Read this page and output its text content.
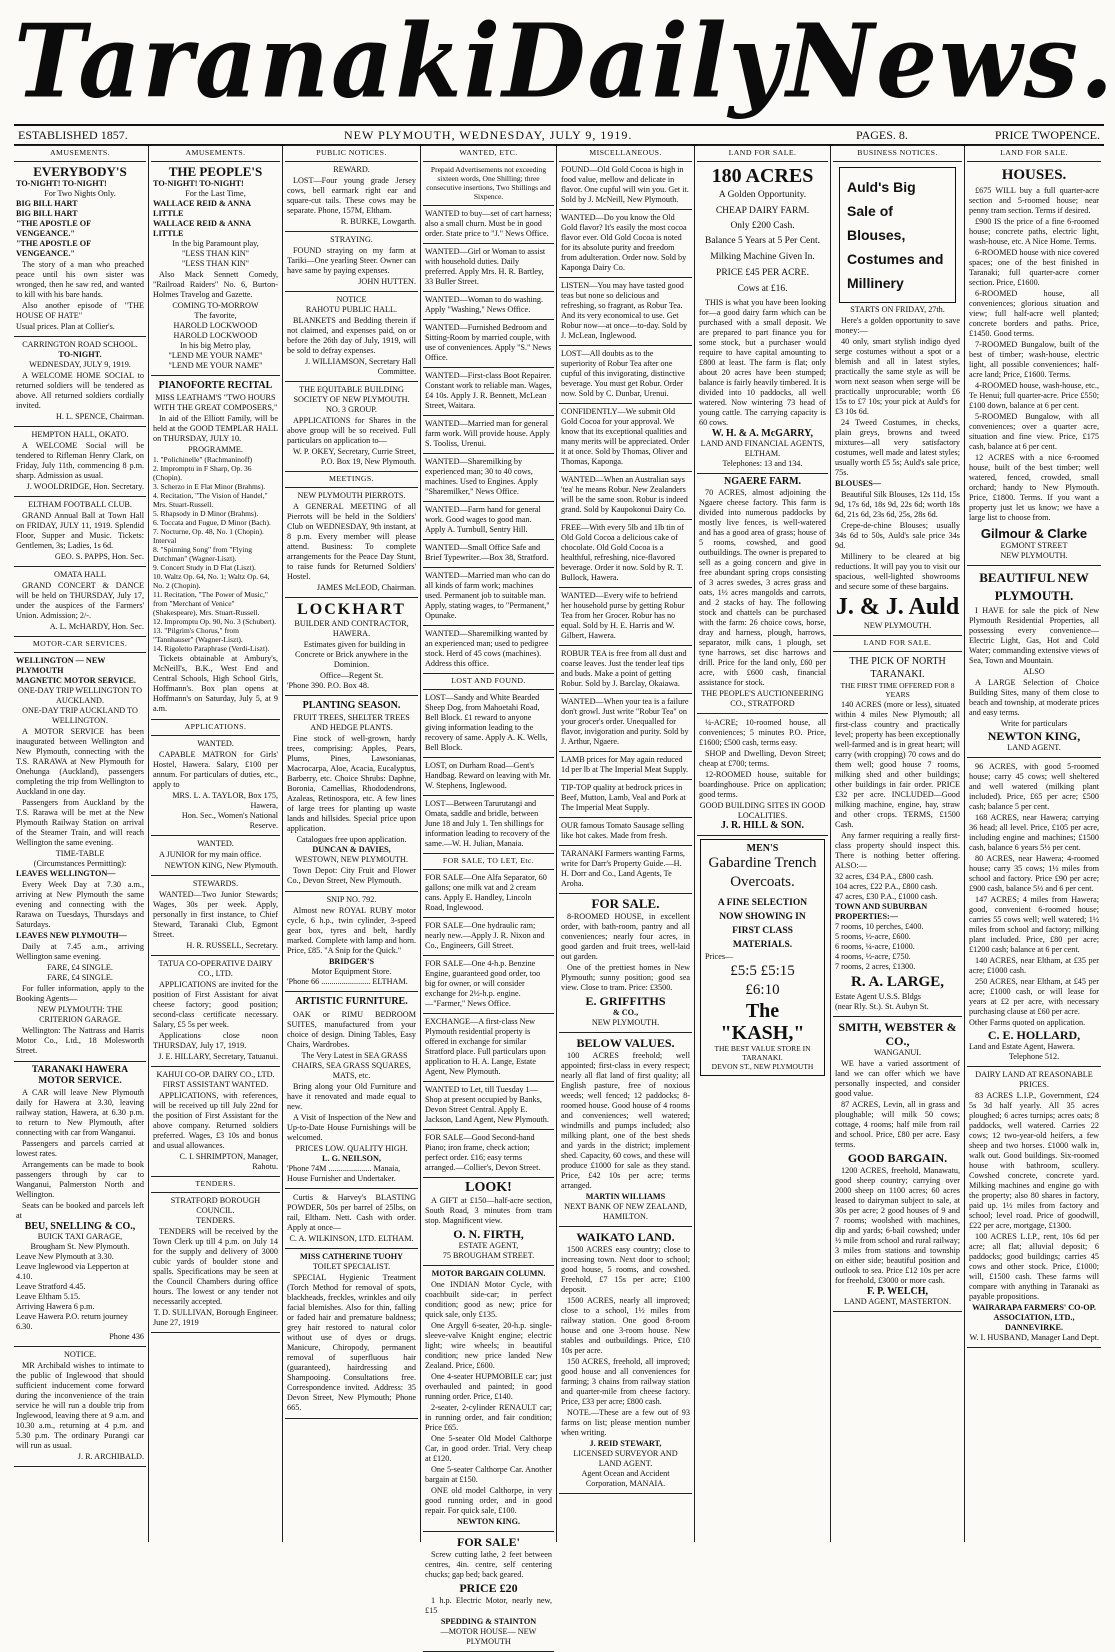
Taranaki Daily News.
ESTABLISHED 1857.	NEW PLYMOUTH, WEDNESDAY, JULY 9, 1919.	PAGES. 8.	PRICE TWOPENCE.
AMUSEMENTS.
EVERYBODY'S
TO-NIGHT! TO-NIGHT!
For Two Nights Only.
BIG BILL HART
BIG BILL HART
"THE APOSTLE OF VENGEANCE."
"THE APOSTLE OF VENGEANCE."

The story of a man who preached peace until his own sister was wronged, then he saw red, and wanted to kill with his bare hands.

Also another episode of "THE HOUSE OF HATE"

Usual prices. Plan at Collier's.
CARRINGTON ROAD SCHOOL.
TO-NIGHT.
WEDNESDAY, JULY 9, 1919.

A WELCOME HOME SOCIAL to returned soldiers will be tendered as above. All returned soldiers cordially invited.

H. L. SPENCE, Chairman.
HEMPTON HALL, OKATO.

A WELCOME Social will be tendered to Rifleman Henry Clark, on Friday, July 11th, commencing 8 p.m. sharp. Admission as usual.

J. WOOLDRIDGE, Hon. Secretary.
ELTHAM FOOTBALL CLUB.

GRAND Annual Ball at Town Hall on FRIDAY, JULY 11, 1919. Splendid Floor, Supper and Music. Tickets: Gentlemen, 3s; Ladies, 1s 6d.

GEO. S. PAPPS, Hon. Sec.
OMATA HALL

GRAND CONCERT & DANCE will be held on THURSDAY, July 17, under the auspices of the Farmers' Union. Admission; 2/-.

A. L. McHARDY, Hon. Sec.
MOTOR-CAR SERVICES.
WELLINGTON — NEW PLYMOUTH
MAGNETIC MOTOR SERVICE.
ONE-DAY TRIP WELLINGTON TO AUCKLAND.
ONE-DAY TRIP AUCKLAND TO WELLINGTON.

A MOTOR SERVICE has been inaugurated between Wellington and New Plymouth, connecting with the T.S. RARAWA at New Plymouth for Onehunga (Auckland), passengers completing the trip from Wellington to Auckland in one day.

Passengers from Auckland by the T.S. Rarawa will be met at the New Plymouth Railway Station on arrival of the Steamer Train, and will reach Wellington the same evening.

TIME-TABLE
(Circumstances Permitting):
LEAVES WELLINGTON—

Every Week Day at 7.30 a.m., arriving at New Plymouth the same evening and connecting with the Rarawa on Tuesdays, Thursdays and Saturdays.

LEAVES NEW PLYMOUTH—

Daily at 7.45 a.m., arriving Wellington same evening.

FARE, £4 SINGLE.
FARE, £4 SINGLE.

For fuller information, apply to the Booking Agents—

NEW PLYMOUTH: THE CRITERION GARAGE.

Wellington: The Nattrass and Harris Motor Co., Ltd., 18 Molesworth Street.

TARANAKI HAWERA MOTOR SERVICE.

A CAR will leave New Plymouth daily for Hawera at 3.30, leaving railway station, Hawera, at 6.30 p.m. to return to New Plymouth, after connecting with car from Wanganui.

Passengers and parcels carried at lowest rates.

Arrangements can be made to book passengers through by car to Wanganui, Palmerston North and Wellington.

Seats can be booked and parcels left at

BEU, SNELLING & CO.,
BUICK TAXI GARAGE,
Brougham St. New Plymouth.
Leave New Plymouth at 3.30.
Leave Inglewood via Lepperton at 4.10.
Leave Stratford 4.45.
Leave Eltham 5.15.
Arriving Hawera 6 p.m.
Leave Hawera P.O. return journey 6.30.
Phone 436
NOTICE.

MR Archibald wishes to intimate to the public of Inglewood that should sufficient inducement come forward during the inconvenience of the train service he will run a double trip from Inglewood, leaving there at 9 a.m. and 10.30 a.m., returning at 4 p.m. and 5.30 p.m. The ordinary Purangi car will run as usual.

J. R. ARCHIBALD.
AMUSEMENTS.
THE PEOPLE'S
TO-NIGHT! TO-NIGHT!
For the Last Time,
WALLACE REID & ANNA LITTLE
WALLACE REID & ANNA LITTLE
In the big Paramount play,
"LESS THAN KIN"
"LESS THAN KIN"

Also Mack Sennett Comedy, "Railroad Raiders" No. 6, Burton-Holmes Travelog and Gazette.

COMING TO-MORROW
The favorite,
HAROLD LOCKWOOD
HAROLD LOCKWOOD
In his big Metro play,
"LEND ME YOUR NAME"
"LEND ME YOUR NAME"
PIANOFORTE RECITAL
MISS LEATHAM'S "TWO HOURS WITH THE GREAT COMPOSERS,"

In aid of the Elliott Family, will be held at the GOOD TEMPLAR HALL on THURSDAY, JULY 10.

PROGRAMME.
1. "Polichinelle" (Rachmaninoff)
2. Impromptu in F Sharp, Op. 36 (Chopin).
3. Scherzo in E Flat Minor (Brahms).
4. Recitation, "The Vision of Handel," Mrs. Stuart-Russell.
5. Rhapsody in D Minor (Brahms).
6. Toccata and Fugue, D Minor (Bach).
7. Nocturne, Op. 48, No. 1 (Chopin). Interval
8. "Spinning Song" from "Flying Dutchman" (Wagner-Liszt).
9. Concert Study in D Flat (Liszt).
10. Waltz Op. 64, No. 1; Waltz Op. 64, No. 2 (Chopin).
11. Recitation, "The Power of Music," from "Merchant of Venice" (Shakespeare), Mrs. Stuart-Russell.
12. Impromptu Op. 90, No. 3 (Schubert).
13. "Pilgrim's Chorus," from "Tannhauser" (Wagner-Liszt).
14. Rigoletto Paraphrase (Verdi-Liszt).

Tickets obtainable at Ambury's, McNeill's, B.K., West End and Central Schools, High School Girls, Hoffmann's. Box plan opens at Hoffmann's on Saturday, July 5, at 9 a.m.

APPLICATIONS.
WANTED.

CAPABLE MATRON for Girls' Hostel, Hawera. Salary, £100 per annum. For particulars of duties, etc., apply to

MRS. L. A. TAYLOR, Box 175, Hawera,
Hon. Sec., Women's National Reserve.
WANTED.

A JUNIOR for my main office.

NEWTON KING, New Plymouth.
STEWARDS.

WANTED—Two Junior Stewards; Wages, 30s per week. Apply, personally in first instance, to Chief Steward, Taranaki Club, Egmont Street.

H. R. RUSSELL, Secretary.
TATUA CO-OPERATIVE DAIRY CO., LTD.

APPLICATIONS are invited for the position of First Assistant for aivat cheese factory; good position; second-class certificate necessary. Salary, £5 5s per week.

Applications close noon THURSDAY, July 17, 1919.

J. E. HILLARY, Secretary, Tatuanui.
KAHUI CO-OP. DAIRY CO., LTD.
FIRST ASSISTANT WANTED.

APPLICATIONS, with references, will be received up till July 22nd for the position of First Assistant for the above company. Returned soldiers preferred. Wages, £3 10s and bonus and usual allowances.

C. I. SHRIMPTON, Manager, Rahotu.
TENDERS.
STRATFORD BOROUGH COUNCIL.
TENDERS.

TENDERS will be received by the Town Clerk up till 4 p.m. on July 14 for the supply and delivery of 3000 cubic yards of boulder stone and spalls. Specifications may be seen at the Council Chambers during office hours. The lowest or any tender not necessarily accepted.

T. D. SULLIVAN, Borough Engineer.
June 27, 1919
PUBLIC NOTICES.
REWARD.

LOST—Four young grade Jersey cows, bell earmark right ear and square-cut tails. These cows may be separate. Phone, 157M, Eltham.

R. BURKE, Lowgarth.
STRAYING.

FOUND straying on my farm at Tariki—One yearling Steer. Owner can have same by paying expenses.

JOHN HUTTEN.
NOTICE
RAHOTU PUBLIC HALL.

BLANKETS and Bedding therein if not claimed, and expenses paid, on or before the 26th day of July, 1919, will be sold to defray expenses.

J. WILLIAMSON, Secretary Hall Committee.
THE EQUITABLE BUILDING SOCIETY OF NEW PLYMOUTH.
NO. 3 GROUP.

APPLICATIONS for Shares in the above group will be so received. Full particulars on application to—

W. P. OKEY, Secretary, Currie Street, P.O. Box 19, New Plymouth.
MEETINGS.
NEW PLYMOUTH PIERROTS.

A GENERAL MEETING of all Pierrots will be held in the Soldiers' Club on WEDNESDAY, 9th instant, at 8 p.m. Every member will please attend. Business: To complete arrangements for the Peace Day Stunt, to raise funds for Returned Soldiers' Hostel.

JAMES McLEOD, Chairman.
LOCKHART
BUILDER AND CONTRACTOR, HAWERA.

Estimates given for building in Concrete or Brick anywhere in the Dominion.

Office—Regent St.
'Phone 390. P.O. Box 48.
PLANTING SEASON.
FRUIT TREES, SHELTER TREES AND HEDGE PLANTS.

Fine stock of well-grown, hardy trees, comprising: Apples, Pears, Plums, Pines, Lawsonianas, Macrocarpa, Aloe, Acacia, Eucalyptus, Barberry, etc. Choice Shrubs: Daphne, Boronia, Camellias, Rhododendrons, Azaleas, Retinospora, etc. A few lines of large trees for planting up waste lands and hillsides. Special price upon application.

Catalogues free upon application.
DUNCAN & DAVIES,
WESTOWN, NEW PLYMOUTH.

Town Depot: City Fruit and Flower Co., Devon Street, New Plymouth.

SNIP NO. 792.

Almost new ROYAL RUBY motor cycle, 6 h.p., twin cylinder, 3-speed gear box, tyres and belt, hardly marked. Complete with lamp and horn. Price, £85. "A Snip for the Quick."

BRIDGER'S
Motor Equipment Store.
'Phone 66 ........................ ELTHAM.
ARTISTIC FURNITURE.

OAK or RIMU BEDROOM SUITES, manufactured from your choice of design. Dining Tables, Easy Chairs, Wardrobes.

The Very Latest in SEA GRASS CHAIRS, SEA GRASS SQUARES, MATS, etc.

Bring along your Old Furniture and have it renovated and made equal to new.

A Visit of Inspection of the New and Up-to-Date House Furnishings will be welcomed.

PRICES LOW. QUALITY HIGH.
L. G. NEILSON,
'Phone 74M ..................... Manaia, House Furnisher and Undertaker.

Curtis & Harvey's BLASTING POWDER, 50s per barrel of 25lbs, on rail, Eltham. Nett. Cash with order. Apply at once—

C. A. WILKINSON, LTD. ELTHAM.
MISS CATHERINE TUOHY
TOILET SPECIALIST.

SPECIAL Hygienic Treatment (Torch Method for removal of spots, blackheads, freckles, wrinkles and oily facial blemishes. Also for thin, falling or faded hair and premature baldness; grey hair restored to natural color without use of dyes or drugs. Manicure, Chiropody, permanent removal of superfluous hair (guaranteed), hairdressing and Shampooing. Consultations free. Correspondence invited. Address: 35 Devon Street, New Plymouth; Phone 665.

WANTED, ETC.
Prepaid Advertisements not exceeding sixteen words, One Shilling; three consecutive insertions, Two Shillings and Sixpence.
WANTED to buy—set of cart harness; also a small churn. Must be in good order. State price to "J." News Office.
WANTED—Girl or Woman to assist with household duties. Daily preferred. Apply Mrs. H. R. Bartley, 33 Buller Street.
WANTED—Woman to do washing. Apply "Washing," News Office.
WANTED—Furnished Bedroom and Sitting-Room by married couple, with use of conveniences. Apply "S." News Office.
WANTED—First-class Boot Repairer. Constant work to reliable man. Wages, £4 10s. Apply J. R. Bennett, McLean Street, Waitara.
WANTED—Married man for general farm work. Will provide house. Apply S. Tooliss, Urenui.
WANTED—Sharemilking by experienced man; 30 to 40 cows, machines. Used to Engines. Apply "Sharemilker," News Office.
WANTED—Farm hand for general work. Good wages to good man. Apply A. Turnbull, Sentry Hill.
WANTED—Small Office Safe and Brief Typewriter.—Box 38, Stratford.
WANTED—Married man who can do all kinds of farm work; machines used. Permanent job to suitable man. Apply, stating wages, to "Permanent," Opunake.
WANTED—Sharemilking wanted by an experienced man; used to pedigree stock. Herd of 45 cows (machines). Address this office.
LOST AND FOUND.
LOST—Sandy and White Bearded Sheep Dog, from Mahoetahi Road, Bell Block. £1 reward to anyone giving information leading to the recovery of same. Apply A. K. Wells, Bell Block.
LOST, on Durham Road—Gent's Handbag. Reward on leaving with Mr. W. Stephens, Inglewood.
LOST—Between Tarurutangi and Omata, saddle and bridle, between June 18 and July 1. Ten shillings for information leading to recovery of the same.—W. H. Julian, Manaia.
FOR SALE, TO LET, Etc.
FOR SALE—One Alfa Separator, 60 gallons; one milk vat and 2 cream cans. Apply E. Handley, Lincoln Road, Inglewood.
FOR SALE—One hydraulic ram; nearly new.—Apply J. R. Nixon and Co., Engineers, Gill Street.
FOR SALE—One 4-h.p. Benzine Engine, guaranteed good order, too big for owner, or will consider exchange for 2½-h.p. engine.—"Farmer," News Office.
EXCHANGE—A first-class New Plymouth residential property is offered in exchange for similar Stratford place. Full particulars upon application to H. A. Lange, Estate Agent, New Plymouth.
WANTED to Let, till Tuesday 1—Shop at present occupied by Banks, Devon Street Central. Apply E. Jackson, Land Agent, New Plymouth.
FOR SALE—Good Second-hand Piano; iron frame, check action; perfect order. £16; easy terms arranged.—Collier's, Devon Street.
LOOK!

A GIFT at £150—half-acre section, South Road, 3 minutes from tram stop. Magnificent view.

O. N. FIRTH,
ESTATE AGENT,
75 BROUGHAM STREET.
MOTOR BARGAIN COLUMN.

One INDIAN Motor Cycle, with coachbuilt side-car; in perfect condition; good as new; price for quick sale, only £135.

One Argyll 6-seater, 20-h.p. single-sleeve-valve Knight engine; electric light; wire wheels; in beautiful condition; new price landed New Zealand. Price, £600.

One 4-seater HUPMOBILE car; just overhauled and painted; in good running order. Price, £140.

2-seater, 2-cylinder RENAULT car; in running order, and fair condition; Price £65.

One 5-seater Old Model Calthorpe Car, in good order. Trial. Very cheap at £120.

One 5-seater Calthorpe Car. Another bargain at £150.

ONE old model Calthorpe, in very good running order, and in good repair. For quick sale, £100.

NEWTON KING.
FOR SALE'

Screw cutting lathe, 2 feet between centres, 4in. centre, self centering chucks; gap bed; back geared.

PRICE £20

1 h.p. Electric Motor, nearly new, £15

SPEDDING & STAINTON
—MOTOR HOUSE— NEW PLYMOUTH
MISCELLANEOUS.
FOUND—Old Gold Cocoa is high in food value, mellow and delicate in flavor. One cupful will win you. Get it. Sold by J. McNeill, New Plymouth.
WANTED—Do you know the Old Gold flavor? It's easily the most cocoa flavor ever. Old Gold Cocoa is noted for its absolute purity and freedom from adulteration. Order now. Sold by Kaponga Dairy Co.
LISTEN—You may have tasted good teas but none so delicious and refreshing, so fragrant, as Robur Tea. And its very economical to use. Get Robur now—at once—to-day. Sold by J. McLean, Inglewood.
LOST—All doubts as to the superiority of Robur Tea after one cupful of this invigorating, distinctive beverage. You must get Robur. Order now. Sold by C. Dunbar, Urenui.
CONFIDENTLY—We submit Old Gold Cocoa for your approval. We know that its exceptional qualities and many merits will be appreciated. Order it at once. Sold by Thomas, Oliver and Thomas, Kaponga.
WANTED—When an Australian says 'tea' he means Robur. New Zealanders will be the same soon. Robur is indeed grand. Sold by Kaupokonui Dairy Co.
FREE—With every 5lb and 1lb tin of Old Gold Cocoa a delicious cake of chocolate. Old Gold Cocoa is a healthful, refreshing, nice-flavored beverage. Order it now. Sold by R. T. Bullock, Hawera.
WANTED—Every wife to befriend her household purse by getting Robur Tea from her Grocer. Robur has no equal. Sold by H. E. Harris and W. Gilbert, Hawera.
ROBUR TEA is free from all dust and coarse leaves. Just the tender leaf tips and buds. Make a point of getting Robur. Sold by J. Barclay, Okaiawa.
WANTED—When your tea is a failure don't growl. Just write "Robur Tea" on your grocer's order. Unequalled for flavor, invigoration and purity. Sold by J. Arthur, Ngaere.
LAMB prices for May again reduced 1d per lb at The Imperial Meat Supply.
TIP-TOP quality at bedrock prices in Beef, Mutton, Lamb, Veal and Pork at The Imperial Meat Supply.
OUR famous Tomato Sausage selling like hot cakes. Made from fresh.
TARANAKI Farmers wanting Farms, write for Darr's Property Guide.—H. H. Dorr and Co., Land Agents, Te Aroha.
FOR SALE.

8-ROOMED HOUSE, in excellent order, with bath-room, pantry and all conveniences; nearly four acres, in good garden and fruit trees, well-laid out garden.

One of the prettiest homes in New Plymouth; sunny position; good sea view. Close to tram. Price: £3500.

E. GRIFFITHS
& CO.,
NEW PLYMOUTH.
BELOW VALUES.

100 ACRES freehold; well appointed; first-class in every respect; nearly all flat land of first quality; all English pasture, free of noxious weeds; well fenced; 12 paddocks; 8-roomed house. Good house of 4 rooms and conveniences; well watered; windmills and pumps included; also milking plant, one of the best sheds and yards in the district; implement shed. Capacity, 60 cows, and these will produce £1000 for sale as they stand. Price, £42 10s per acre; terms arranged.

MARTIN WILLIAMS
NEXT BANK OF NEW ZEALAND, HAMILTON.
WAIKATO LAND.

1500 ACRES easy country; close to increasing town. Next door to school; good house, 5 rooms, and cowshed. Freehold, £7 15s per acre; £100 deposit.

1500 ACRES, nearly all improved; close to a school, 1½ miles from railway station. One good 8-room house and one 3-room house. New stables and outbuildings. Price, £10 10s per acre.

150 ACRES, freehold, all improved; good house and all conveniences for farming; 3 chains from railway station and quarter-mile from cheese factory. Price, £33 per acre; £800 cash.

NOTE.—These are a few out of 93 farms on list; please mention number when writing.

J. REID STEWART,
LICENSED SURVEYOR AND LAND AGENT.
Agent Ocean and Accident Corporation, MANAIA.
LAND FOR SALE.
180 ACRES
A Golden Opportunity.
CHEAP DAIRY FARM.
Only £200 Cash.
Balance 5 Years at 5 Per Cent.
Milking Machine Given In.
PRICE £45 PER ACRE.
Cows at £16.

THIS is what you have been looking for—a good dairy farm which can be purchased with a small deposit. We are prepared to part finance you for some stock, but a purchaser would require to have capital amounting to £800 at least. The farm is flat; only about 20 acres have been stumped; balance is fairly heavily timbered. It is divided into 10 paddocks, all well watered. Now wintering 73 head of young cattle. The carrying capacity is 60 cows.

W. H. & A. McGARRY,
LAND AND FINANCIAL AGENTS, ELTHAM.
Telephones: 13 and 134.
NGAERE FARM.

70 ACRES, almost adjoining the Ngaere cheese factory. This farm is divided into numerous paddocks by mostly live fences, is well-watered and has a good area of grass; house of 5 rooms, cowshed, and good outbuildings. The owner is prepared to sell as a going concern and give in free abundant spring crops consisting of 3 acres swedes, 3 acres grass and oats, 1½ acres mangolds and carrots, and 2 stacks of hay. The following stock and chattels can be purchased with the farm: 26 choice cows, horse, dray and harness, plough, harrows, separator, milk cans, 1 plough, set tyne harrows, set disc harrows and drill. Price for the land only, £60 per acre, with £600 cash, financial assistance for stock.

THE PEOPLE'S AUCTIONEERING CO., STRATFORD

¼-ACRE; 10-roomed house, all conveniences; 5 minutes P.O. Price, £1600; £500 cash, terms easy.

SHOP and Dwelling, Devon Street; cheap at £700; terms.

12-ROOMED house, suitable for boardinghouse. Price on application; good terms.

GOOD BUILDING SITES IN GOOD LOCALITIES.
J. R. HILL & SON.
MEN'S
Gabardine Trench Overcoats.
A FINE SELECTION NOW SHOWING IN FIRST CLASS MATERIALS.
Prices—
£5:5 £5:15
£6:10
The "KASH,"
THE BEST VALUE STORE IN TARANAKI.
DEVON ST., NEW PLYMOUTH
BUSINESS NOTICES.
Auld's Big Sale of Blouses, Costumes and Millinery
STARTS ON FRIDAY, 27th.

Here's a golden opportunity to save money:—

40 only, smart stylish indigo dyed serge costumes without a spot or a blemish and all in latest styles, practically the same style as will be worn next season when serge will be practically unprocurable; worth £6 15s to £7 10s; your pick at Auld's for £3 10s 6d.

24 Tweed Costumes, in checks, plain greys, browns and tweed mixtures—all very satisfactory costumes, well made and latest styles; usually worth £5 5s; Auld's sale price, 75s.

BLOUSES—

Beautiful Silk Blouses, 12s 11d, 15s 9d, 17s 6d, 18s 9d, 22s 6d; worth 18s 6d, 21s 6d, 23s 6d, 25s, 28s 6d.

Crepe-de-chine Blouses; usually 34s 6d to 50s, Auld's sale price 34s 9d.

Millinery to be cleared at big reductions. It will pay you to visit our spacious, well-lighted showrooms and secure some of these bargains.

J. & J. Auld
NEW PLYMOUTH.
LAND FOR SALE.
THE PICK OF NORTH TARANAKI.
THE FIRST TIME OFFERED FOR 8 YEARS

140 ACRES (more or less), situated within 4 miles New Plymouth; all first-class country and practically level; property has been exceptionally well-farmed and is in great heart; will carry (with cropping) 70 cows and do them well; good house 7 rooms, milking shed and other buildings; other buildings in fair order. PRICE £32 per acre. INCLUDED—Good milking machine, engine, hay, straw and other crops. TERMS, £1500 Cash.

Any farmer requiring a really first-class property should inspect this. There is nothing better offering. ALSO:—

32 acres, £34 P.A., £800 cash.
104 acres, £22 P.A., £800 cash.
47 acres, £30 P.A., £1000 cash.
TOWN AND SUBURBAN PROPERTIES:—
7 rooms, 10 perches, £400.
5 rooms, ½-acre, £600.
6 rooms, ¼-acre, £1000.
4 rooms, ½-acre, £750.
7 rooms, 2 acres, £1300.
R. A. LARGE,
Estate Agent U.S.S. Bldgs
(near Rly. St.). St. Aubyn St.
SMITH, WEBSTER & CO.,
WANGANUI.

WE have a varied assortment of land we can offer which we have personally inspected, and consider good value.

87 ACRES, Levin, all in grass and ploughable; will milk 50 cows; cottage, 4 rooms; half mile from rail and school. Price, £80 per acre. Easy terms.

GOOD BARGAIN.

1200 ACRES, freehold, Manawatu, good sheep country; carrying over 2000 sheep on 1100 acres; 60 acres leased to dairyman subject to sale, at 30s per acre; 2 good houses of 9 and 7 rooms; woolshed with machines, dip and yards; 6-bail cowshed; under ½ mile from school and rural railway; 3 miles from stations and township on either side; beautiful position and outlook to sea. Price £12 10s per acre for freehold, £3000 or more cash.

F. P. WELCH,
LAND AGENT, MASTERTON.
LAND FOR SALE.
HOUSES.

£675 WILL buy a full quarter-acre section and 5-roomed house; near penny tram section. Terms if desired.

£900 IS the price of a fine 6-roomed house; concrete paths, electric light, wash-house, etc. A Nice Home. Terms.

6-ROOMED house with nice covered spaces; one of the best finished in Taranaki; full quarter-acre corner section. Price, £1600.

6-ROOMED house, all conveniences; glorious situation and view; full half-acre well planted; concrete borders and paths. Price, £1450. Good terms.

7-ROOMED Bungalow, built of the best of timber; wash-house, electric light, all possible conveniences; half-acre land; Price, £1600. Terms.

4-ROOMED house, wash-house, etc., Te Henui; full quarter-acre. Price £550; £100 down, balance at 6 per cent.

5-ROOMED Bungalow, with all conveniences; over a quarter acre, situation and fine view. Price, £175 cash, balance at 6 per cent.

12 ACRES with a nice 6-roomed house, built of the best timber; well watered, fenced, crowded, small orchard; handy to New Plymouth. Price, £1800. Terms. If you want a property just let us know; we have a large list to choose from.

Gilmour & Clarke
EGMONT STREET
NEW PLYMOUTH.
BEAUTIFUL NEW PLYMOUTH.

I HAVE for sale the pick of New Plymouth Residential Properties, all possessing every convenience—Electric Light, Gas, Hot and Cold Water; commanding extensive views of Sea, Town and Mountain.

ALSO

A LARGE Selection of Choice Building Sites, many of them close to beach and township, at moderate prices and easy terms.

Write for particulars
NEWTON KING,
LAND AGENT.

96 ACRES, with good 5-roomed house; carry 45 cows; well sheltered and well watered (milking plant included). Price, £65 per acre; £500 cash; balance 5 per cent.

168 ACRES, near Hawera; carrying 36 head; all level. Price, £105 per acre, including engine and machines; £1500 cash, balance 6 years 5½ per cent.

80 ACRES, near Hawera; 4-roomed house; carry 35 cows; 1½ miles from school and factory. Price £90 per acre; £900 cash, balance 5½ and 6 per cent.

147 ACRES; 4 miles from Hawera; good, convenient 6-roomed house; carries 55 cows well; well watered; 1½ miles from school and factory; milking plant included. Price, £80 per acre; £1200 cash; balance at 6 per cent.

140 ACRES, near Eltham, at £35 per acre; £1000 cash.

250 ACRES, near Eltham, at £45 per acre; £1000 cash, or will lease for years at £2 per acre, with necessary purchasing clause at £60 per acre.

Other Farms quoted on application.
C. E. HOLLARD,
Land and Estate Agent, Hawera.
Telephone 512.
DAIRY LAND AT REASONABLE PRICES.

83 ACRES L.I.P., Government, £24 5s 3d half yearly. All 35 acres ploughed; 6 acres turnips; acres oats; 8 paddocks, well watered. Carries 22 cows; 12 two-year-old heifers, a few sheep and two horses. £1000 walk in, walk out. Good buildings. Six-roomed house with bathroom, scullery. Cowshed concrete, concrete yard. Milking machines and engine go with the property; also 80 shares in factory, paid up. 1½ miles from factory and school; level road. Price of goodwill, £22 per acre, mortgage, £1300.

100 ACRES L.I.P., rent, 10s 6d per acre; all flat; alluvial deposit; 6 paddocks; good buildings; carries 45 cows and other stock. Price, £1000; will, £1500 cash. These farms will compare with anything in Taranaki as payable propositions.

WAIRARAPA FARMERS' CO-OP. ASSOCIATION, LTD., DANNEVIRKE.
W. I. HUSBAND, Manager Land Dept.
